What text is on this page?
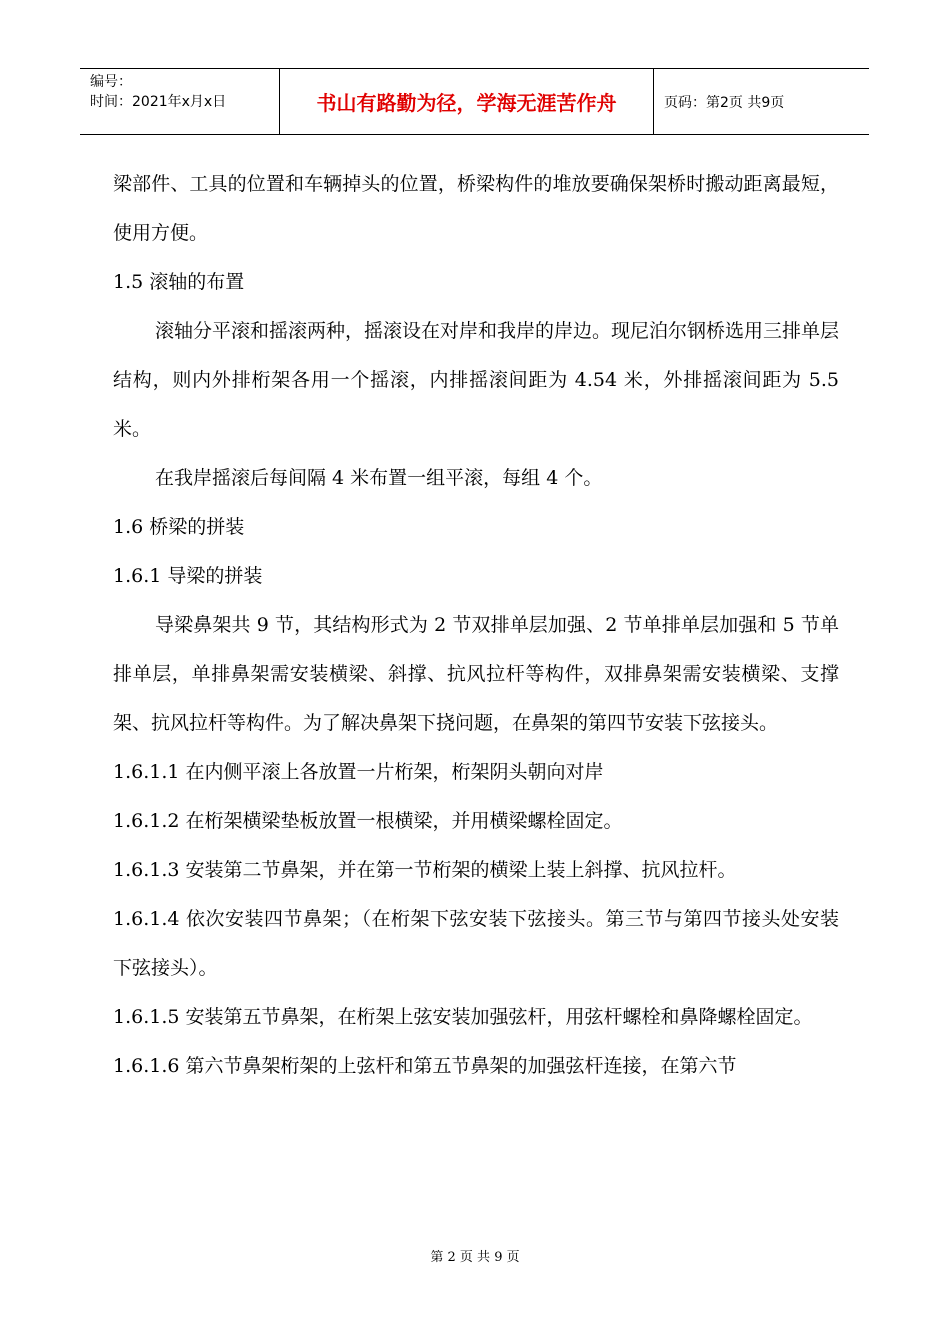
编号：
时间：2021年x月x日	书山有路勤为径，学海无涯苦作舟	页码：第2页 共9页

梁部件、工具的位置和车辆掉头的位置，桥梁构件的堆放要确保架桥时搬动距离最短，使用方便。

1.5 滚轴的布置

滚轴分平滚和摇滚两种，摇滚设在对岸和我岸的岸边。现尼泊尔钢桥选用三排单层结构，则内外排桁架各用一个摇滚，内排摇滚间距为 4.54 米，外排摇滚间距为 5.5 米。

在我岸摇滚后每间隔 4 米布置一组平滚，每组 4 个。

1.6 桥梁的拼装

1.6.1 导梁的拼装

导梁鼻架共 9 节，其结构形式为 2 节双排单层加强、2 节单排单层加强和 5 节单排单层，单排鼻架需安装横梁、斜撑、抗风拉杆等构件，双排鼻架需安装横梁、支撑架、抗风拉杆等构件。为了解决鼻架下挠问题，在鼻架的第四节安装下弦接头。

1.6.1.1 在内侧平滚上各放置一片桁架，桁架阴头朝向对岸

1.6.1.2 在桁架横梁垫板放置一根横梁，并用横梁螺栓固定。

1.6.1.3 安装第二节鼻架，并在第一节桁架的横梁上装上斜撑、抗风拉杆。

1.6.1.4 依次安装四节鼻架；（在桁架下弦安装下弦接头。第三节与第四节接头处安装下弦接头）。

1.6.1.5 安装第五节鼻架，在桁架上弦安装加强弦杆，用弦杆螺栓和鼻降螺栓固定。

1.6.1.6 第六节鼻架桁架的上弦杆和第五节鼻架的加强弦杆连接，在第六节

第 2 页 共 9 页
